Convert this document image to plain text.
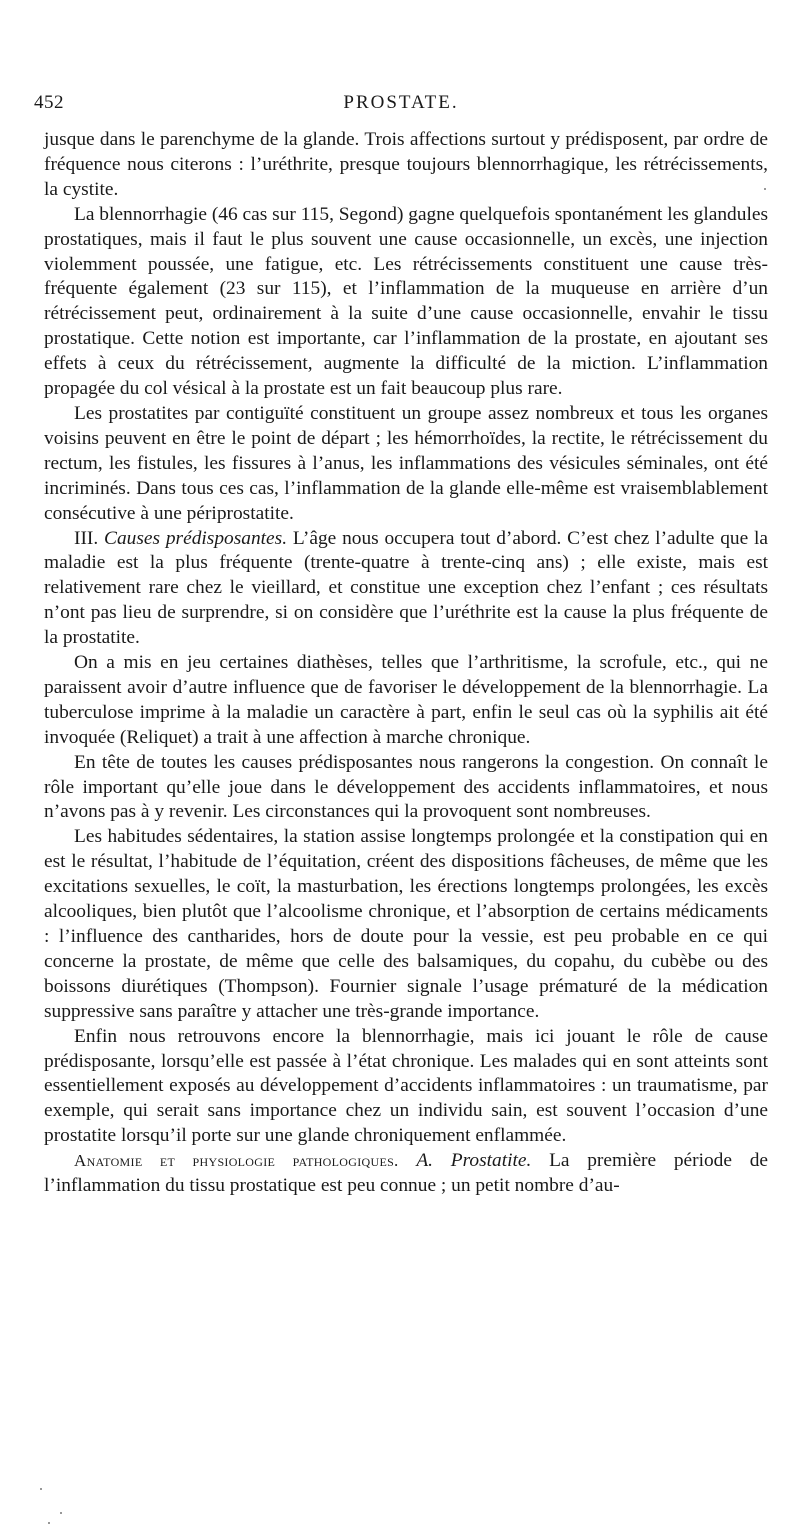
452	PROSTATE.

jusque dans le parenchyme de la glande. Trois affections surtout y prédisposent, par ordre de fréquence nous citerons : l’uréthrite, presque toujours blennorrhagique, les rétrécissements, la cystite.

La blennorrhagie (46 cas sur 115, Segond) gagne quelquefois spontanément les glandules prostatiques, mais il faut le plus souvent une cause occasionnelle, un excès, une injection violemment poussée, une fatigue, etc. Les rétrécissements constituent une cause très-fréquente également (23 sur 115), et l’inflammation de la muqueuse en arrière d’un rétrécissement peut, ordinairement à la suite d’une cause occasionnelle, envahir le tissu prostatique. Cette notion est importante, car l’inflammation de la prostate, en ajoutant ses effets à ceux du rétrécissement, augmente la difficulté de la miction. L’inflammation propagée du col vésical à la prostate est un fait beaucoup plus rare.

Les prostatites par contiguïté constituent un groupe assez nombreux et tous les organes voisins peuvent en être le point de départ ; les hémorrhoïdes, la rectite, le rétrécissement du rectum, les fistules, les fissures à l’anus, les inflammations des vésicules séminales, ont été incriminés. Dans tous ces cas, l’inflammation de la glande elle-même est vraisemblablement consécutive à une périprostatite.

III. Causes prédisposantes. L’âge nous occupera tout d’abord. C’est chez l’adulte que la maladie est la plus fréquente (trente-quatre à trente-cinq ans) ; elle existe, mais est relativement rare chez le vieillard, et constitue une exception chez l’enfant ; ces résultats n’ont pas lieu de surprendre, si on considère que l’uréthrite est la cause la plus fréquente de la prostatite.

On a mis en jeu certaines diathèses, telles que l’arthritisme, la scrofule, etc., qui ne paraissent avoir d’autre influence que de favoriser le développement de la blennorrhagie. La tuberculose imprime à la maladie un caractère à part, enfin le seul cas où la syphilis ait été invoquée (Reliquet) a trait à une affection à marche chronique.

En tête de toutes les causes prédisposantes nous rangerons la congestion. On connaît le rôle important qu’elle joue dans le développement des accidents inflammatoires, et nous n’avons pas à y revenir. Les circonstances qui la provoquent sont nombreuses.

Les habitudes sédentaires, la station assise longtemps prolongée et la constipation qui en est le résultat, l’habitude de l’équitation, créent des dispositions fâcheuses, de même que les excitations sexuelles, le coït, la masturbation, les érections longtemps prolongées, les excès alcooliques, bien plutôt que l’alcoolisme chronique, et l’absorption de certains médicaments : l’influence des cantharides, hors de doute pour la vessie, est peu probable en ce qui concerne la prostate, de même que celle des balsamiques, du copahu, du cubèbe ou des boissons diurétiques (Thompson). Fournier signale l’usage prématuré de la médication suppressive sans paraître y attacher une très-grande importance.

Enfin nous retrouvons encore la blennorrhagie, mais ici jouant le rôle de cause prédisposante, lorsqu’elle est passée à l’état chronique. Les malades qui en sont atteints sont essentiellement exposés au développement d’accidents inflammatoires : un traumatisme, par exemple, qui serait sans importance chez un individu sain, est souvent l’occasion d’une prostatite lorsqu’il porte sur une glande chroniquement enflammée.

Anatomie et physiologie pathologiques. A. Prostatite. La première période de l’inflammation du tissu prostatique est peu connue ; un petit nombre d’au-
